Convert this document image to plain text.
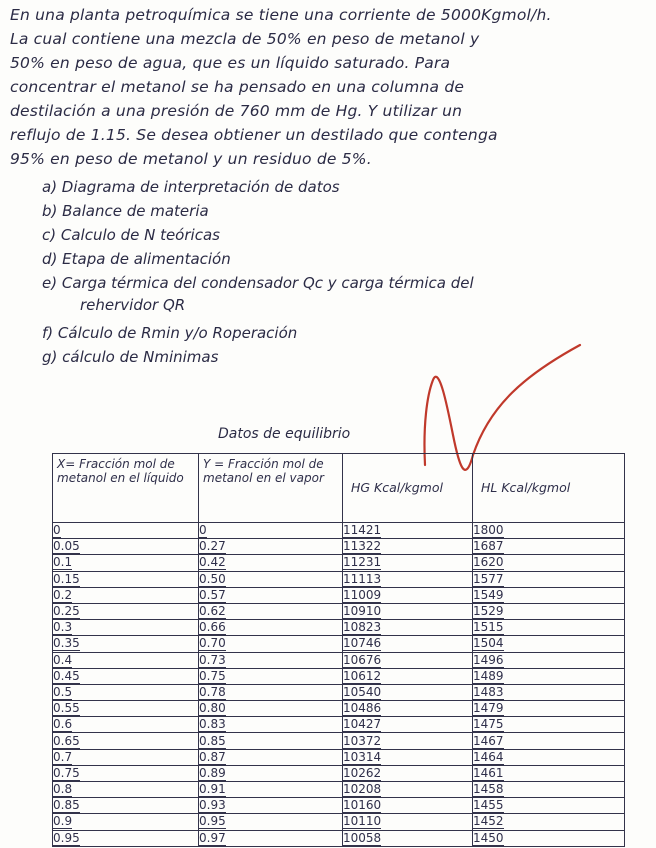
En una planta petroquímica se tiene una corriente de 5000Kgmol/h.
La cual contiene una mezcla de 50% en peso de metanol y
50% en peso de agua, que es un líquido saturado. Para
concentrar el metanol se ha pensado en una columna de
destilación a una presión de 760 mm de Hg. Y utilizar un
reflujo de 1.15. Se desea obtiener un destilado que contenga
95% en peso de metanol y un residuo de 5%.
a) Diagrama de interpretación de datos
b) Balance de materia
c) Calculo de N teóricas
d) Etapa de alimentación
e) Carga térmica del condensador Qc y carga térmica del
rehervidor QR
f) Cálculo de Rmin y/o Roperación
g) cálculo de Nminimas
Datos de equilibrio
X= Fracción mol de metanol en el líquido	Y = Fracción mol de metanol en el vapor	HG Kcal/kgmol	HL Kcal/kgmol
0	0	11421	1800
0.05	0.27	11322	1687
0.1	0.42	11231	1620
0.15	0.50	11113	1577
0.2	0.57	11009	1549
0.25	0.62	10910	1529
0.3	0.66	10823	1515
0.35	0.70	10746	1504
0.4	0.73	10676	1496
0.45	0.75	10612	1489
0.5	0.78	10540	1483
0.55	0.80	10486	1479
0.6	0.83	10427	1475
0.65	0.85	10372	1467
0.7	0.87	10314	1464
0.75	0.89	10262	1461
0.8	0.91	10208	1458
0.85	0.93	10160	1455
0.9	0.95	10110	1452
0.95	0.97	10058	1450
